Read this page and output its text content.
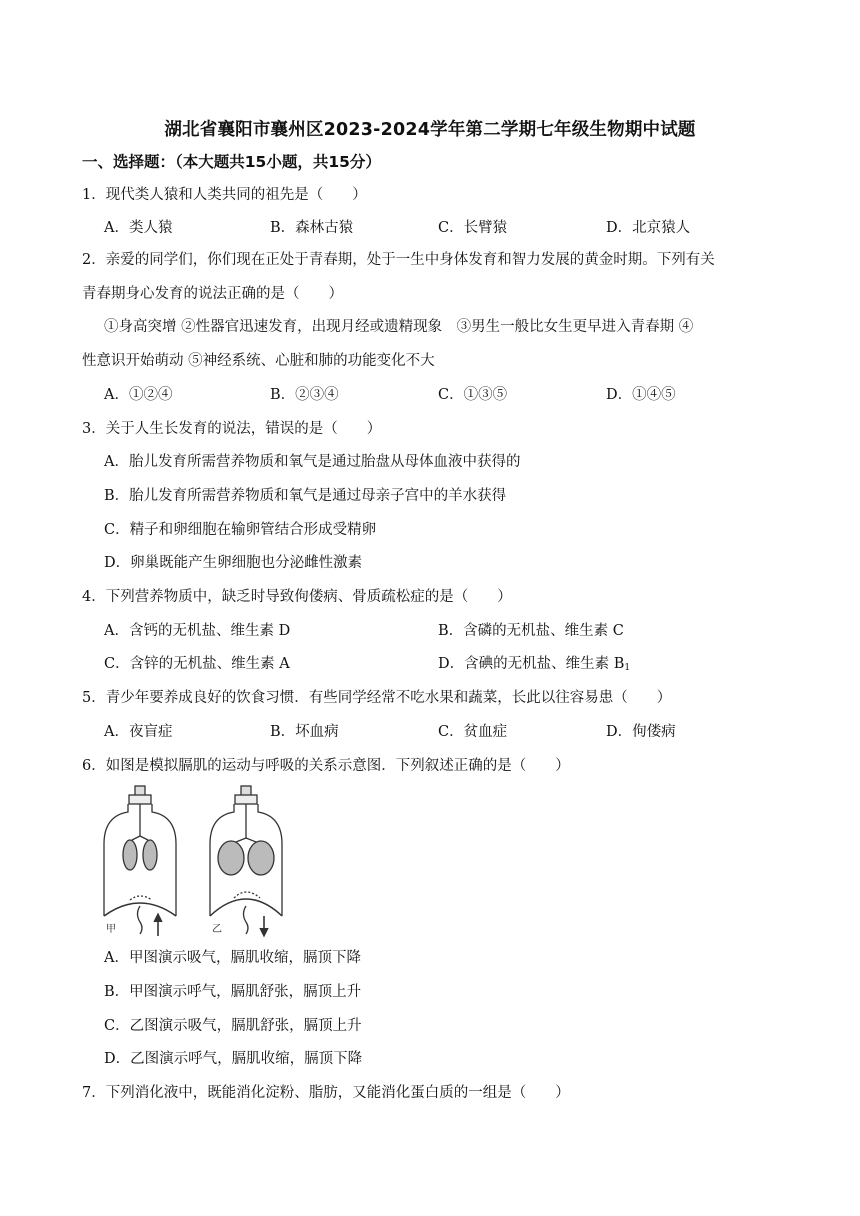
湖北省襄阳市襄州区2023-2024学年第二学期七年级生物期中试题
一、选择题：（本大题共15小题，共15分）
1．现代类人猿和人类共同的祖先是（　　）
A．类人猿	B．森林古猿	C．长臂猿	D．北京猿人
2．亲爱的同学们，你们现在正处于青春期，处于一生中身体发育和智力发展的黄金时期。下列有关
青春期身心发育的说法正确的是（　　）
①身高突增 ②性器官迅速发育，出现月经或遗精现象　③男生一般比女生更早进入青春期 ④
性意识开始萌动 ⑤神经系统、心脏和肺的功能变化不大
A．①②④	B．②③④	C．①③⑤	D．①④⑤
3．关于人生长发育的说法，错误的是（　　）
A．胎儿发育所需营养物质和氧气是通过胎盘从母体血液中获得的
B．胎儿发育所需营养物质和氧气是通过母亲子宫中的羊水获得
C．精子和卵细胞在输卵管结合形成受精卵
D．卵巢既能产生卵细胞也分泌雌性激素
4．下列营养物质中，缺乏时导致佝偻病、骨质疏松症的是（　　）
A．含钙的无机盐、维生素 D	B．含磷的无机盐、维生素 C
C．含锌的无机盐、维生素 A	D．含碘的无机盐、维生素 $B_1$
5．青少年要养成良好的饮食习惯．有些同学经常不吃水果和蔬菜，长此以往容易患（　　）
A．夜盲症	B．坏血病	C．贫血症	D．佝偻病
6．如图是模拟膈肌的运动与呼吸的关系示意图．下列叙述正确的是（　　）
甲	乙
A．甲图演示吸气，膈肌收缩，膈顶下降
B．甲图演示呼气，膈肌舒张，膈顶上升
C．乙图演示吸气，膈肌舒张，膈顶上升
D．乙图演示呼气，膈肌收缩，膈顶下降
7．下列消化液中，既能消化淀粉、脂肪，又能消化蛋白质的一组是（　　）
